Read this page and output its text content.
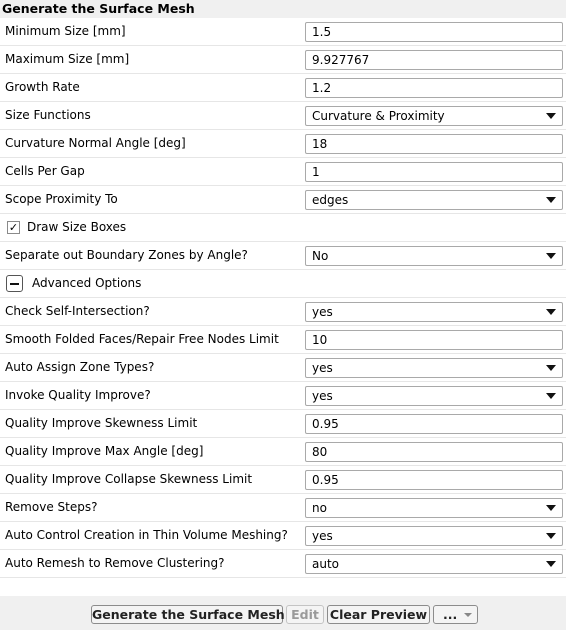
Generate the Surface Mesh
Minimum Size [mm]	1.5
Maximum Size [mm]	9.927767
Growth Rate	1.2
Size Functions	Curvature & Proximity
Curvature Normal Angle [deg]	18
Cells Per Gap	1
Scope Proximity To	edges
✓ Draw Size Boxes
Separate out Boundary Zones by Angle?	No
Advanced Options
Check Self-Intersection?	yes
Smooth Folded Faces/Repair Free Nodes Limit	10
Auto Assign Zone Types?	yes
Invoke Quality Improve?	yes
Quality Improve Skewness Limit	0.95
Quality Improve Max Angle [deg]	80
Quality Improve Collapse Skewness Limit	0.95
Remove Steps?	no
Auto Control Creation in Thin Volume Meshing?	yes
Auto Remesh to Remove Clustering?	auto
Generate the Surface Mesh Edit Clear Preview	...
